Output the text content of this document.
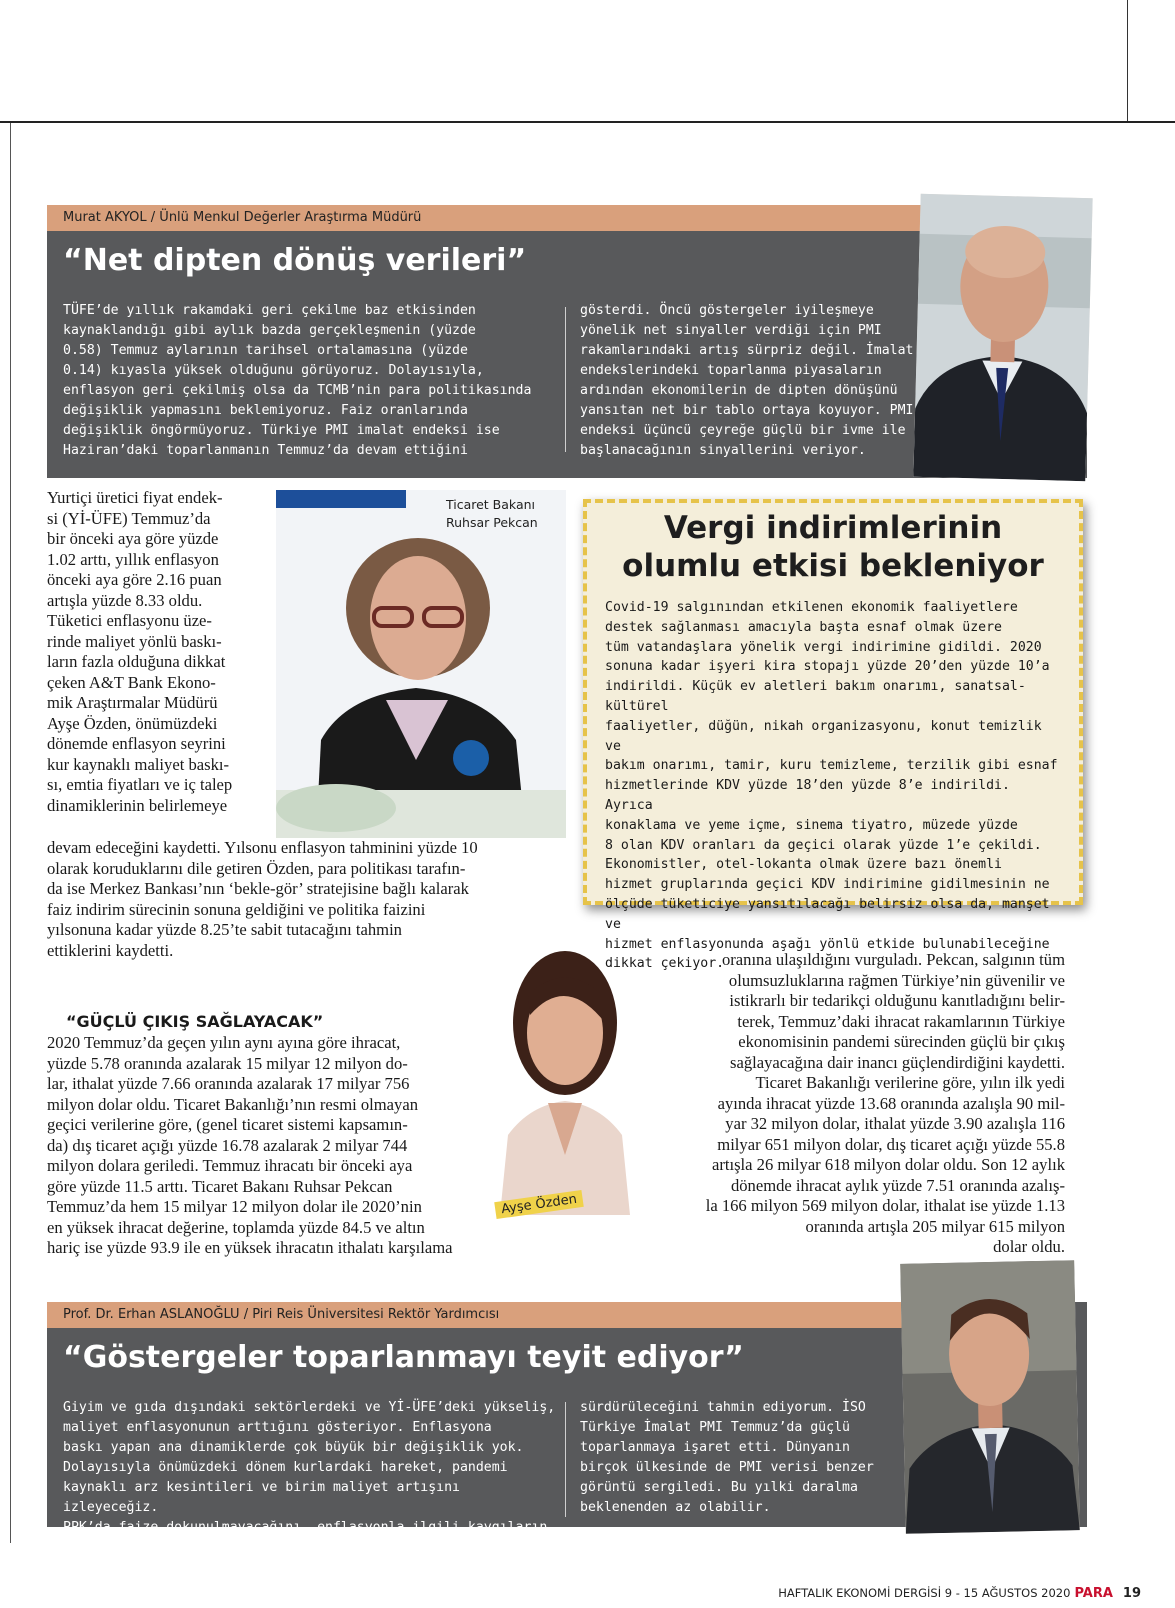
Murat AKYOL / Ünlü Menkul Değerler Araştırma Müdürü
“Net dipten dönüş verileri”
TÜFE’de yıllık rakamdaki geri çekilme baz etkisinden
kaynaklandığı gibi aylık bazda gerçekleşmenin (yüzde
0.58) Temmuz aylarının tarihsel ortalamasına (yüzde
0.14) kıyasla yüksek olduğunu görüyoruz. Dolayısıyla,
enflasyon geri çekilmiş olsa da TCMB’nin para politikasında
değişiklik yapmasını beklemiyoruz. Faiz oranlarında
değişiklik öngörmüyoruz. Türkiye PMI imalat endeksi ise
Haziran’daki toparlanmanın Temmuz’da devam ettiğini
gösterdi. Öncü göstergeler iyileşmeye
yönelik net sinyaller verdiği için PMI
rakamlarındaki artış sürpriz değil. İmalat
endekslerindeki toparlanma piyasaların
ardından ekonomilerin de dipten dönüşünü
yansıtan net bir tablo ortaya koyuyor. PMI
endeksi üçüncü çeyreğe güçlü bir ivme ile
başlanacağının sinyallerini veriyor.
Ticaret Bakanı
Ruhsar Pekcan
Yurtiçi üretici fiyat endek-
si (Yİ-ÜFE) Temmuz’da
bir önceki aya göre yüzde
1.02 arttı, yıllık enflasyon
önceki aya göre 2.16 puan
artışla yüzde 8.33 oldu.
Tüketici enflasyonu üze-
rinde maliyet yönlü baskı-
ların fazla olduğuna dikkat
çeken A&T Bank Ekono-
mik Araştırmalar Müdürü
Ayşe Özden, önümüzdeki
dönemde enflasyon seyrini
kur kaynaklı maliyet baskı-
sı, emtia fiyatları ve iç talep
dinamiklerinin belirlemeye
devam edeceğini kaydetti. Yılsonu enflasyon tahminini yüzde 10
olarak koruduklarını dile getiren Özden, para politikası tarafın-
da ise Merkez Bankası’nın ‘bekle-gör’ stratejisine bağlı kalarak
faiz indirim sürecinin sonuna geldiğini ve politika faizini
yılsonuna kadar yüzde 8.25’te sabit tutacağını tahmin
ettiklerini kaydetti.
Vergi indirimlerinin
olumlu etkisi bekleniyor
Covid-19 salgınından etkilenen ekonomik faaliyetlere
destek sağlanması amacıyla başta esnaf olmak üzere
tüm vatandaşlara yönelik vergi indirimine gidildi. 2020
sonuna kadar işyeri kira stopajı yüzde 20’den yüzde 10’a
indirildi. Küçük ev aletleri bakım onarımı, sanatsal-kültürel
faaliyetler, düğün, nikah organizasyonu, konut temizlik ve
bakım onarımı, tamir, kuru temizleme, terzilik gibi esnaf
hizmetlerinde KDV yüzde 18’den yüzde 8’e indirildi. Ayrıca
konaklama ve yeme içme, sinema tiyatro, müzede yüzde
8 olan KDV oranları da geçici olarak yüzde 1’e çekildi.
Ekonomistler, otel-lokanta olmak üzere bazı önemli
hizmet gruplarında geçici KDV indirimine gidilmesinin ne
ölçüde tüketiciye yansıtılacağı belirsiz olsa da, manşet ve
hizmet enflasyonunda aşağı yönlü etkide bulunabileceğine
dikkat çekiyor.
“GÜÇLÜ ÇIKIŞ SAĞLAYACAK”
2020 Temmuz’da geçen yılın aynı ayına göre ihracat,
yüzde 5.78 oranında azalarak 15 milyar 12 milyon do-
lar, ithalat yüzde 7.66 oranında azalarak 17 milyar 756
milyon dolar oldu. Ticaret Bakanlığı’nın resmi olmayan
geçici verilerine göre, (genel ticaret sistemi kapsamın-
da) dış ticaret açığı yüzde 16.78 azalarak 2 milyar 744
milyon dolara geriledi. Temmuz ihracatı bir önceki aya
göre yüzde 11.5 arttı. Ticaret Bakanı Ruhsar Pekcan
Temmuz’da hem 15 milyar 12 milyon dolar ile 2020’nin
en yüksek ihracat değerine, toplamda yüzde 84.5 ve altın
hariç ise yüzde 93.9 ile en yüksek ihracatın ithalatı karşılama
Ayşe Özden
oranına ulaşıldığını vurguladı. Pekcan, salgının tüm
olumsuzluklarına rağmen Türkiye’nin güvenilir ve
istikrarlı bir tedarikçi olduğunu kanıtladığını belir-
terek, Temmuz’daki ihracat rakamlarının Türkiye
ekonomisinin pandemi sürecinden güçlü bir çıkış
sağlayacağına dair inancı güçlendirdiğini kaydetti.
Ticaret Bakanlığı verilerine göre, yılın ilk yedi
ayında ihracat yüzde 13.68 oranında azalışla 90 mil-
yar 32 milyon dolar, ithalat yüzde 3.90 azalışla 116
milyar 651 milyon dolar, dış ticaret açığı yüzde 55.8
artışla 26 milyar 618 milyon dolar oldu. Son 12 aylık
dönemde ihracat aylık yüzde 7.51 oranında azalış-
la 166 milyon 569 milyon dolar, ithalat ise yüzde 1.13
oranında artışla 205 milyar 615 milyon
dolar oldu.
Prof. Dr. Erhan ASLANOĞLU / Piri Reis Üniversitesi Rektör Yardımcısı
“Göstergeler toparlanmayı teyit ediyor”
Giyim ve gıda dışındaki sektörlerdeki ve Yİ-ÜFE’deki yükseliş,
maliyet enflasyonunun arttığını gösteriyor. Enflasyona
baskı yapan ana dinamiklerde çok büyük bir değişiklik yok.
Dolayısıyla önümüzdeki dönem kurlardaki hareket, pandemi
kaynaklı arz kesintileri ve birim maliyet artışını izleyeceğiz.
PPK’da faize dokunulmayacağını, enflasyonla ilgili kaygıların
sürdürüleceğini tahmin ediyorum. İSO
Türkiye İmalat PMI Temmuz’da güçlü
toparlanmaya işaret etti. Dünyanın
birçok ülkesinde de PMI verisi benzer
görüntü sergiledi. Bu yılki daralma
beklenenden az olabilir.
HAFTALIK EKONOMİ DERGİSİ 9 - 15 AĞUSTOS 2020 PARA 19
